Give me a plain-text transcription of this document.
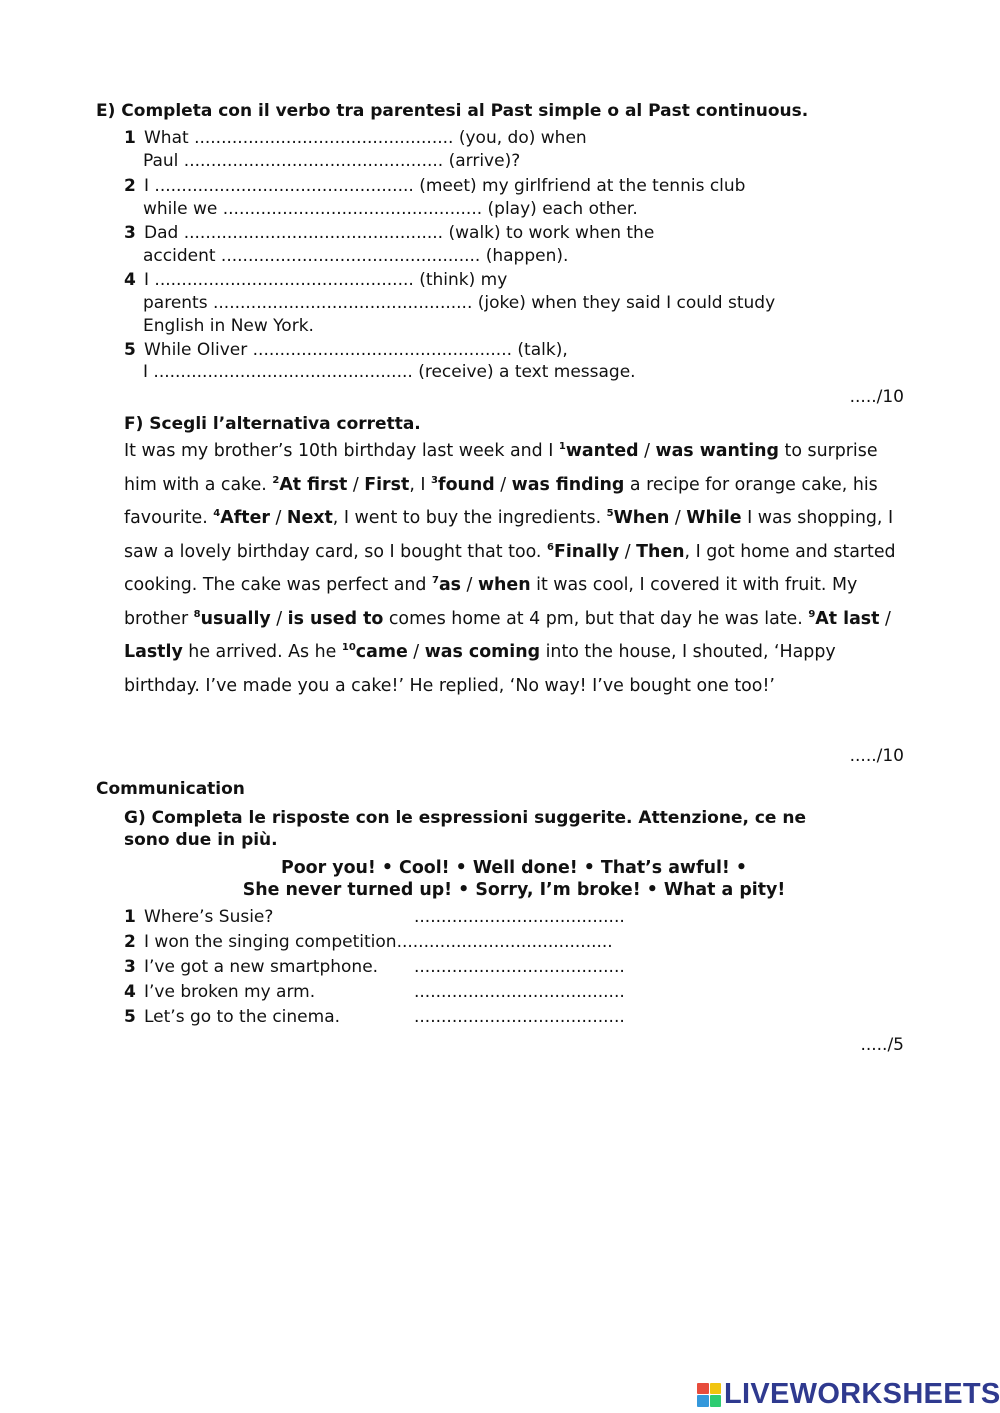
E) Completa con il verbo tra parentesi al Past simple o al Past continuous.
1 What ................................................ (you, do) when
Paul ................................................ (arrive)?
2 I ................................................ (meet) my girlfriend at the tennis club
while we ................................................ (play) each other.
3 Dad ................................................ (walk) to work when the
accident ................................................ (happen).
4 I ................................................ (think) my
parents ................................................ (joke) when they said I could study
English in New York.
5 While Oliver ................................................ (talk),
I ................................................ (receive) a text message.
...../10
F) Scegli l’alternativa corretta.
It was my brother’s 10th birthday last week and I $^1$wanted / was wanting to surprise him with a cake. $^2$At first / First, I $^3$found / was finding a recipe for orange cake, his favourite. $^4$After / Next, I went to buy the ingredients. $^5$When / While I was shopping, I saw a lovely birthday card, so I bought that too. $^6$Finally / Then, I got home and started cooking. The cake was perfect and $^7$as / when it was cool, I covered it with fruit. My brother $^8$usually / is used to comes home at 4 pm, but that day he was late. $^9$At last / Lastly he arrived. As he $^{10}$came / was coming into the house, I shouted, ‘Happy birthday. I’ve made you a cake!’ He replied, ‘No way! I’ve bought one too!’
...../10
Communication
G) Completa le risposte con le espressioni suggerite. Attenzione, ce ne
sono due in più.
Poor you! • Cool! • Well done! • That’s awful! •
She never turned up! • Sorry, I’m broke! • What a pity!
1 Where’s Susie?	.......................................
2 I won the singing competition........................................
3 I’ve got a new smartphone. .......................................
4 I’ve broken my arm.	.......................................
5 Let’s go to the cinema.	.......................................
...../5
LIVEWORKSHEETS
